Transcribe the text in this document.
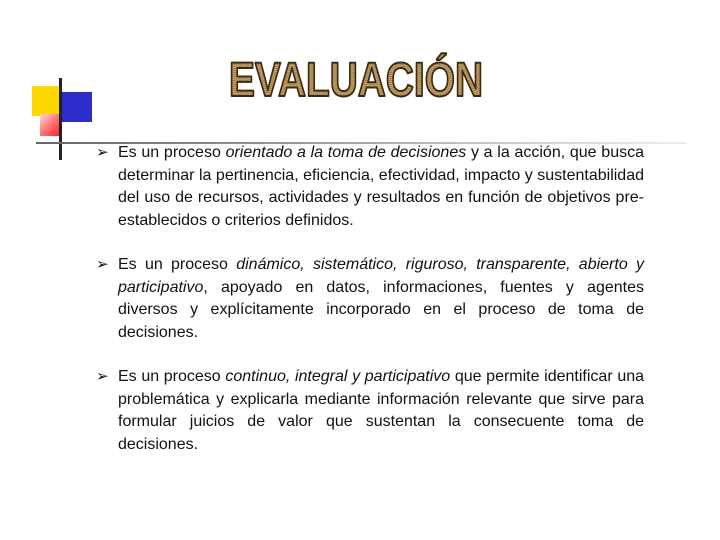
EVALUACIÓN
➢ Es un proceso orientado a la toma de decisiones y a la acción, que busca determinar la pertinencia, eficiencia, efectividad, impacto y sustentabilidad del uso de recursos, actividades y resultados en función de objetivos pre-establecidos o criterios definidos.
➢ Es un proceso dinámico, sistemático, riguroso, transparente, abierto y participativo, apoyado en datos, informaciones, fuentes y agentes diversos y explícitamente incorporado en el proceso de toma de decisiones.
➢ Es un proceso continuo, integral y participativo que permite identificar una problemática y explicarla mediante información relevante que sirve para formular juicios de valor que sustentan la consecuente toma de decisiones.
